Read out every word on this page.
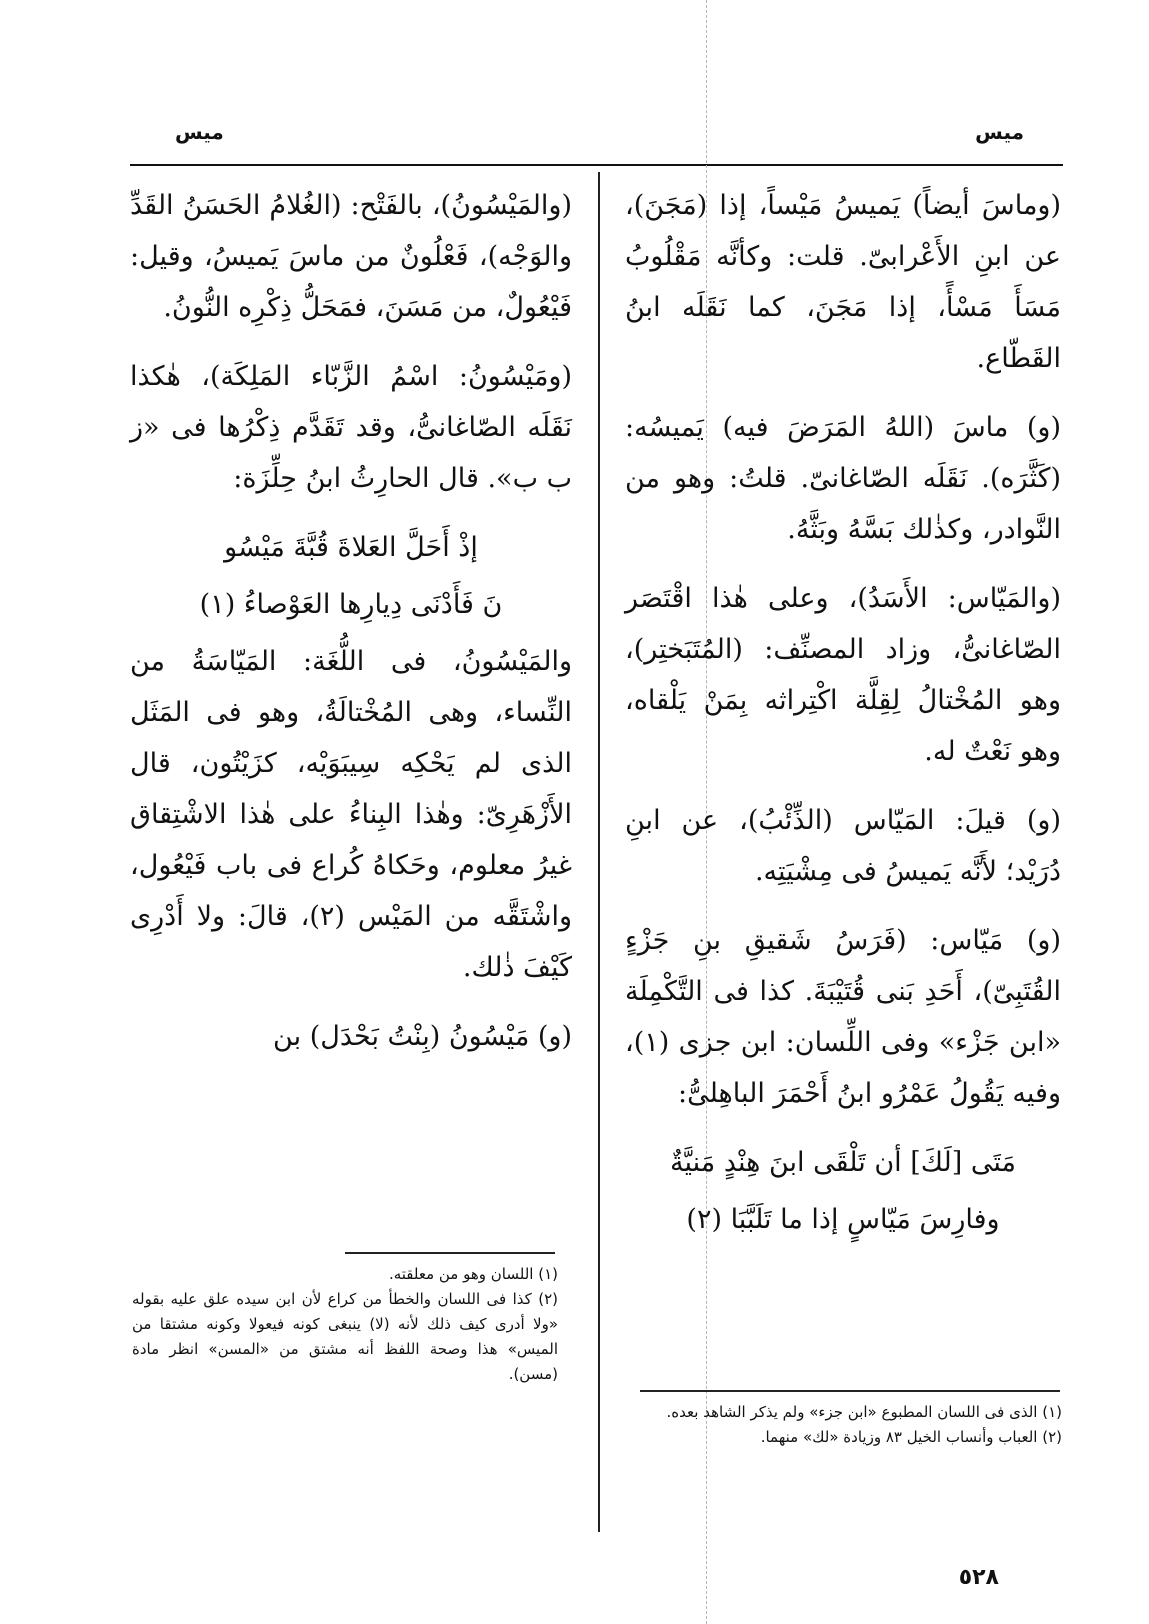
ميس
ميس

(وماسَ أيضاً) يَميسُ مَيْساً، إذا (مَجَنَ)، عن ابنِ الأَعْرابىّ. قلت: وكأنَّه مَقْلُوبُ مَسَأَ مَسْأً، إذا مَجَنَ، كما نَقَلَه ابنُ القَطّاع.

(و) ماسَ (اللهُ المَرَضَ فيه) يَميسُه: (كَثَّرَه). نَقَلَه الصّاغانىّ. قلتُ: وهو من النَّوادر، وكذٰلك بَسَّهُ وبَثَّهُ.

(والمَيّاس: الأَسَدُ)، وعلى هٰذا اقْتَصَر الصّاغانىُّ، وزاد المصنِّف: (المُتَبَختِر)، وهو المُخْتالُ لِقِلَّة اكْتِراثه بِمَنْ يَلْقاه، وهو نَعْتٌ له.

(و) قيلَ: المَيّاس (الذِّئْبُ)، عن ابنِ دُرَيْد؛ لأَنَّه يَميسُ فى مِشْيَتِه.

(و) مَيّاس: (فَرَسُ شَقيقِ بنِ جَزْءٍ القُتَبِىّ)، أَحَدِ بَنى قُتَيْبَةَ. كذا فى التَّكْمِلَة «ابن جَزْء» وفى اللِّسان: ابن جزى (١)، وفيه يَقُولُ عَمْرُو ابنُ أَحْمَرَ الباهِلىُّ:

مَتَى [لَكَ] أن تَلْقَى ابنَ هِنْدٍ مَنيَّةٌ

وفارِسَ مَيّاسٍ إذا ما تَلَبَّبَا (٢)

(والمَيْسُونُ)، بالفَتْح: (الغُلامُ الحَسَنُ القَدِّ والوَجْه)، فَعْلُونٌ من ماسَ يَميسُ، وقيل: فَيْعُولٌ، من مَسَنَ، فمَحَلُّ ذِكْرِه النُّونُ.

(ومَيْسُونُ: اسْمُ الزَّبّاء المَلِكَة)، هٰكذا نَقَلَه الصّاغانىُّ، وقد تَقَدَّم ذِكْرُها فى «ز ب ب». قال الحارِثُ ابنُ حِلِّزَة:

إذْ أَحَلَّ العَلاةَ قُبَّةَ مَيْسُو

نَ فَأَدْنَى دِيارِها العَوْصاءُ (١)

والمَيْسُونُ، فى اللُّغَة: المَيّاسَةُ من النِّساء، وهى المُخْتالَةُ، وهو فى المَثَل الذى لم يَحْكِه سِيبَوَيْه، كزَيْتُون، قال الأَزْهَرِىّ: وهٰذا البِناءُ على هٰذا الاشْتِقاق غيرُ معلوم، وحَكاهُ كُراع فى باب فَيْعُول، واشْتَقَّه من المَيْس (٢)، قالَ: ولا أَدْرِى كَيْفَ ذٰلك.

(و) مَيْسُونُ (بِنْتُ بَحْدَل) بن

(١) الذى فى اللسان المطبوع «ابن جزء» ولم يذكر الشاهد بعده.

(٢) العباب وأنساب الخيل ٨٣ وزيادة «لك» منهما.

(١) اللسان وهو من معلقته.

(٢) كذا فى اللسان والخطأ من كراع لأن ابن سيده علق عليه بقوله «ولا أدرى كيف ذلك لأنه (لا) ينبغى كونه فيعولا وكونه مشتقا من الميس» هذا وصحة اللفظ أنه مشتق من «المسن» انظر مادة (مسن).

٥٢٨
